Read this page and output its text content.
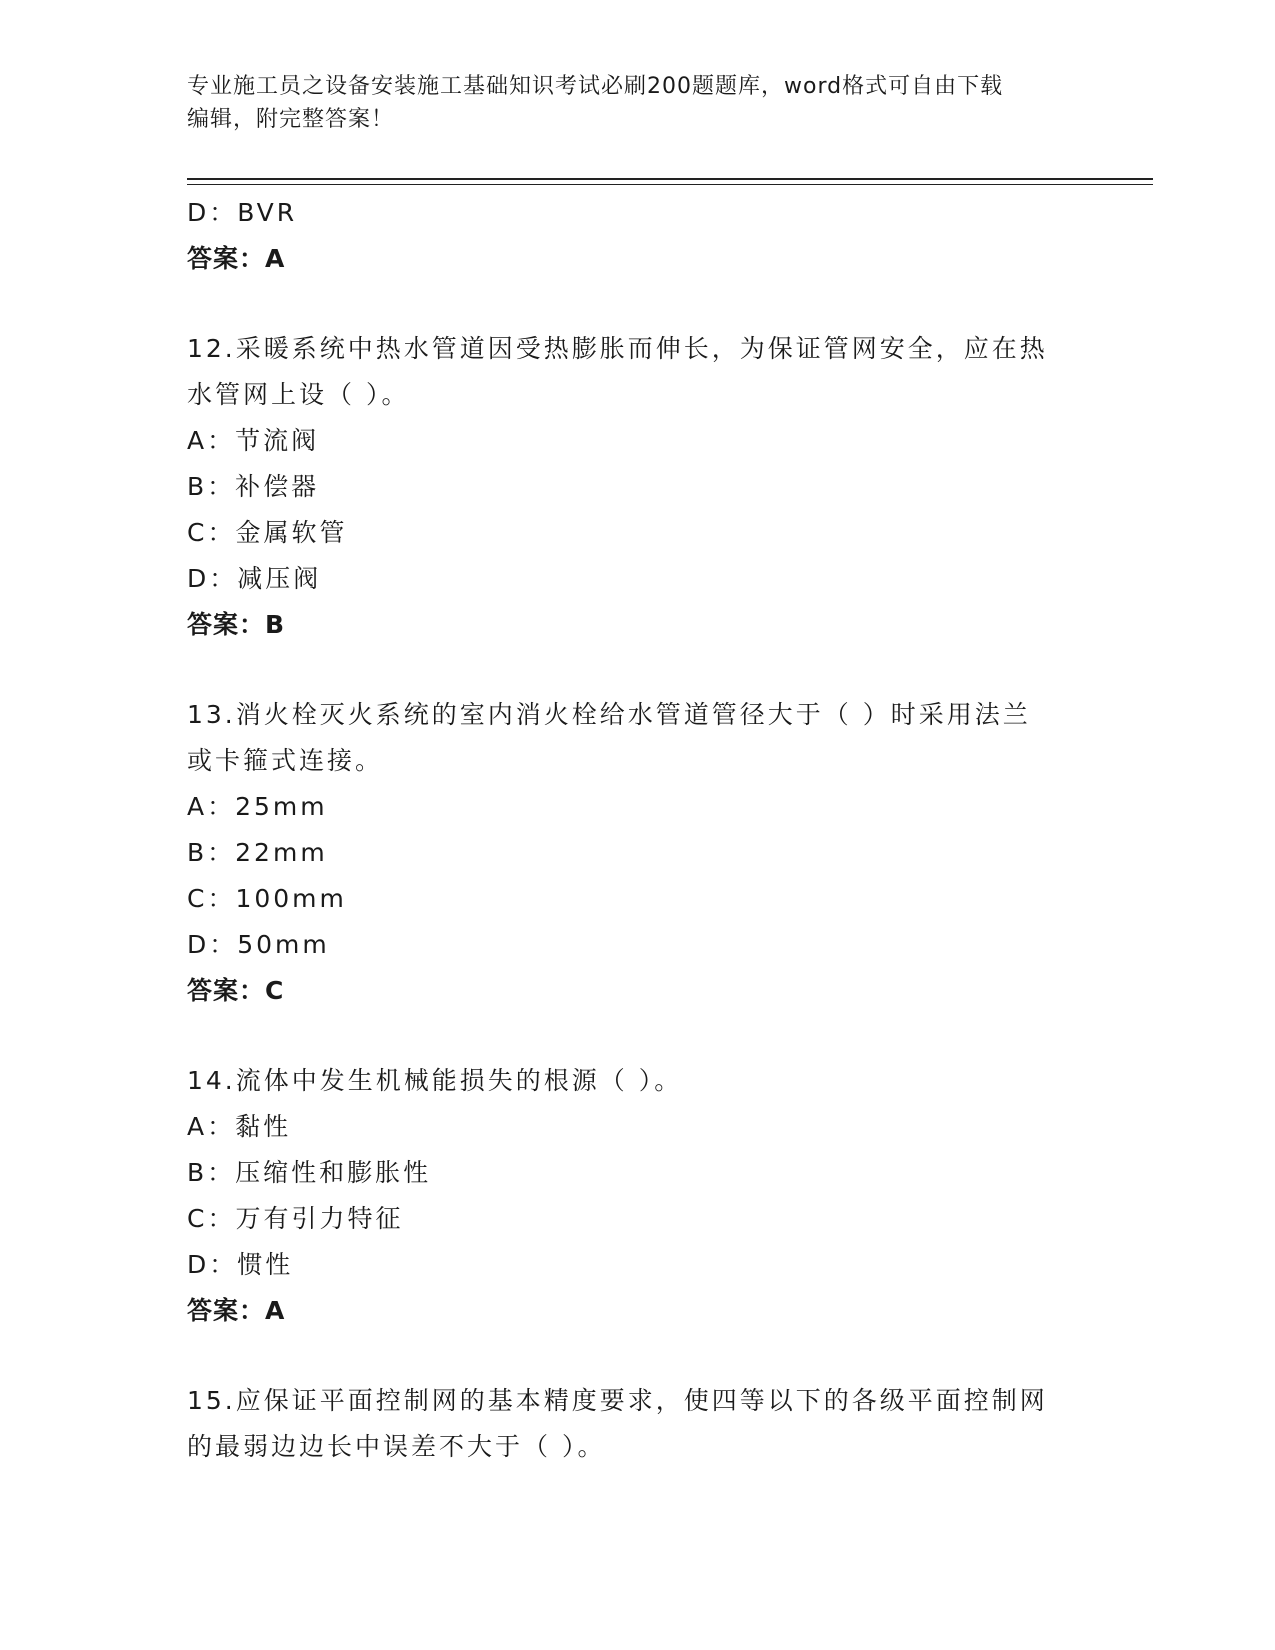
专业施工员之设备安装施工基础知识考试必刷200题题库，word格式可自由下载
编辑，附完整答案！
D：BVR
答案：A
12.采暖系统中热水管道因受热膨胀而伸长，为保证管网安全，应在热
水管网上设（ ）。
A：节流阀
B：补偿器
C：金属软管
D：减压阀
答案：B
13.消火栓灭火系统的室内消火栓给水管道管径大于（ ）时采用法兰
或卡箍式连接。
A：25mm
B：22mm
C：100mm
D：50mm
答案：C
14.流体中发生机械能损失的根源（ ）。
A：黏性
B：压缩性和膨胀性
C：万有引力特征
D：惯性
答案：A
15.应保证平面控制网的基本精度要求，使四等以下的各级平面控制网
的最弱边边长中误差不大于（ ）。
